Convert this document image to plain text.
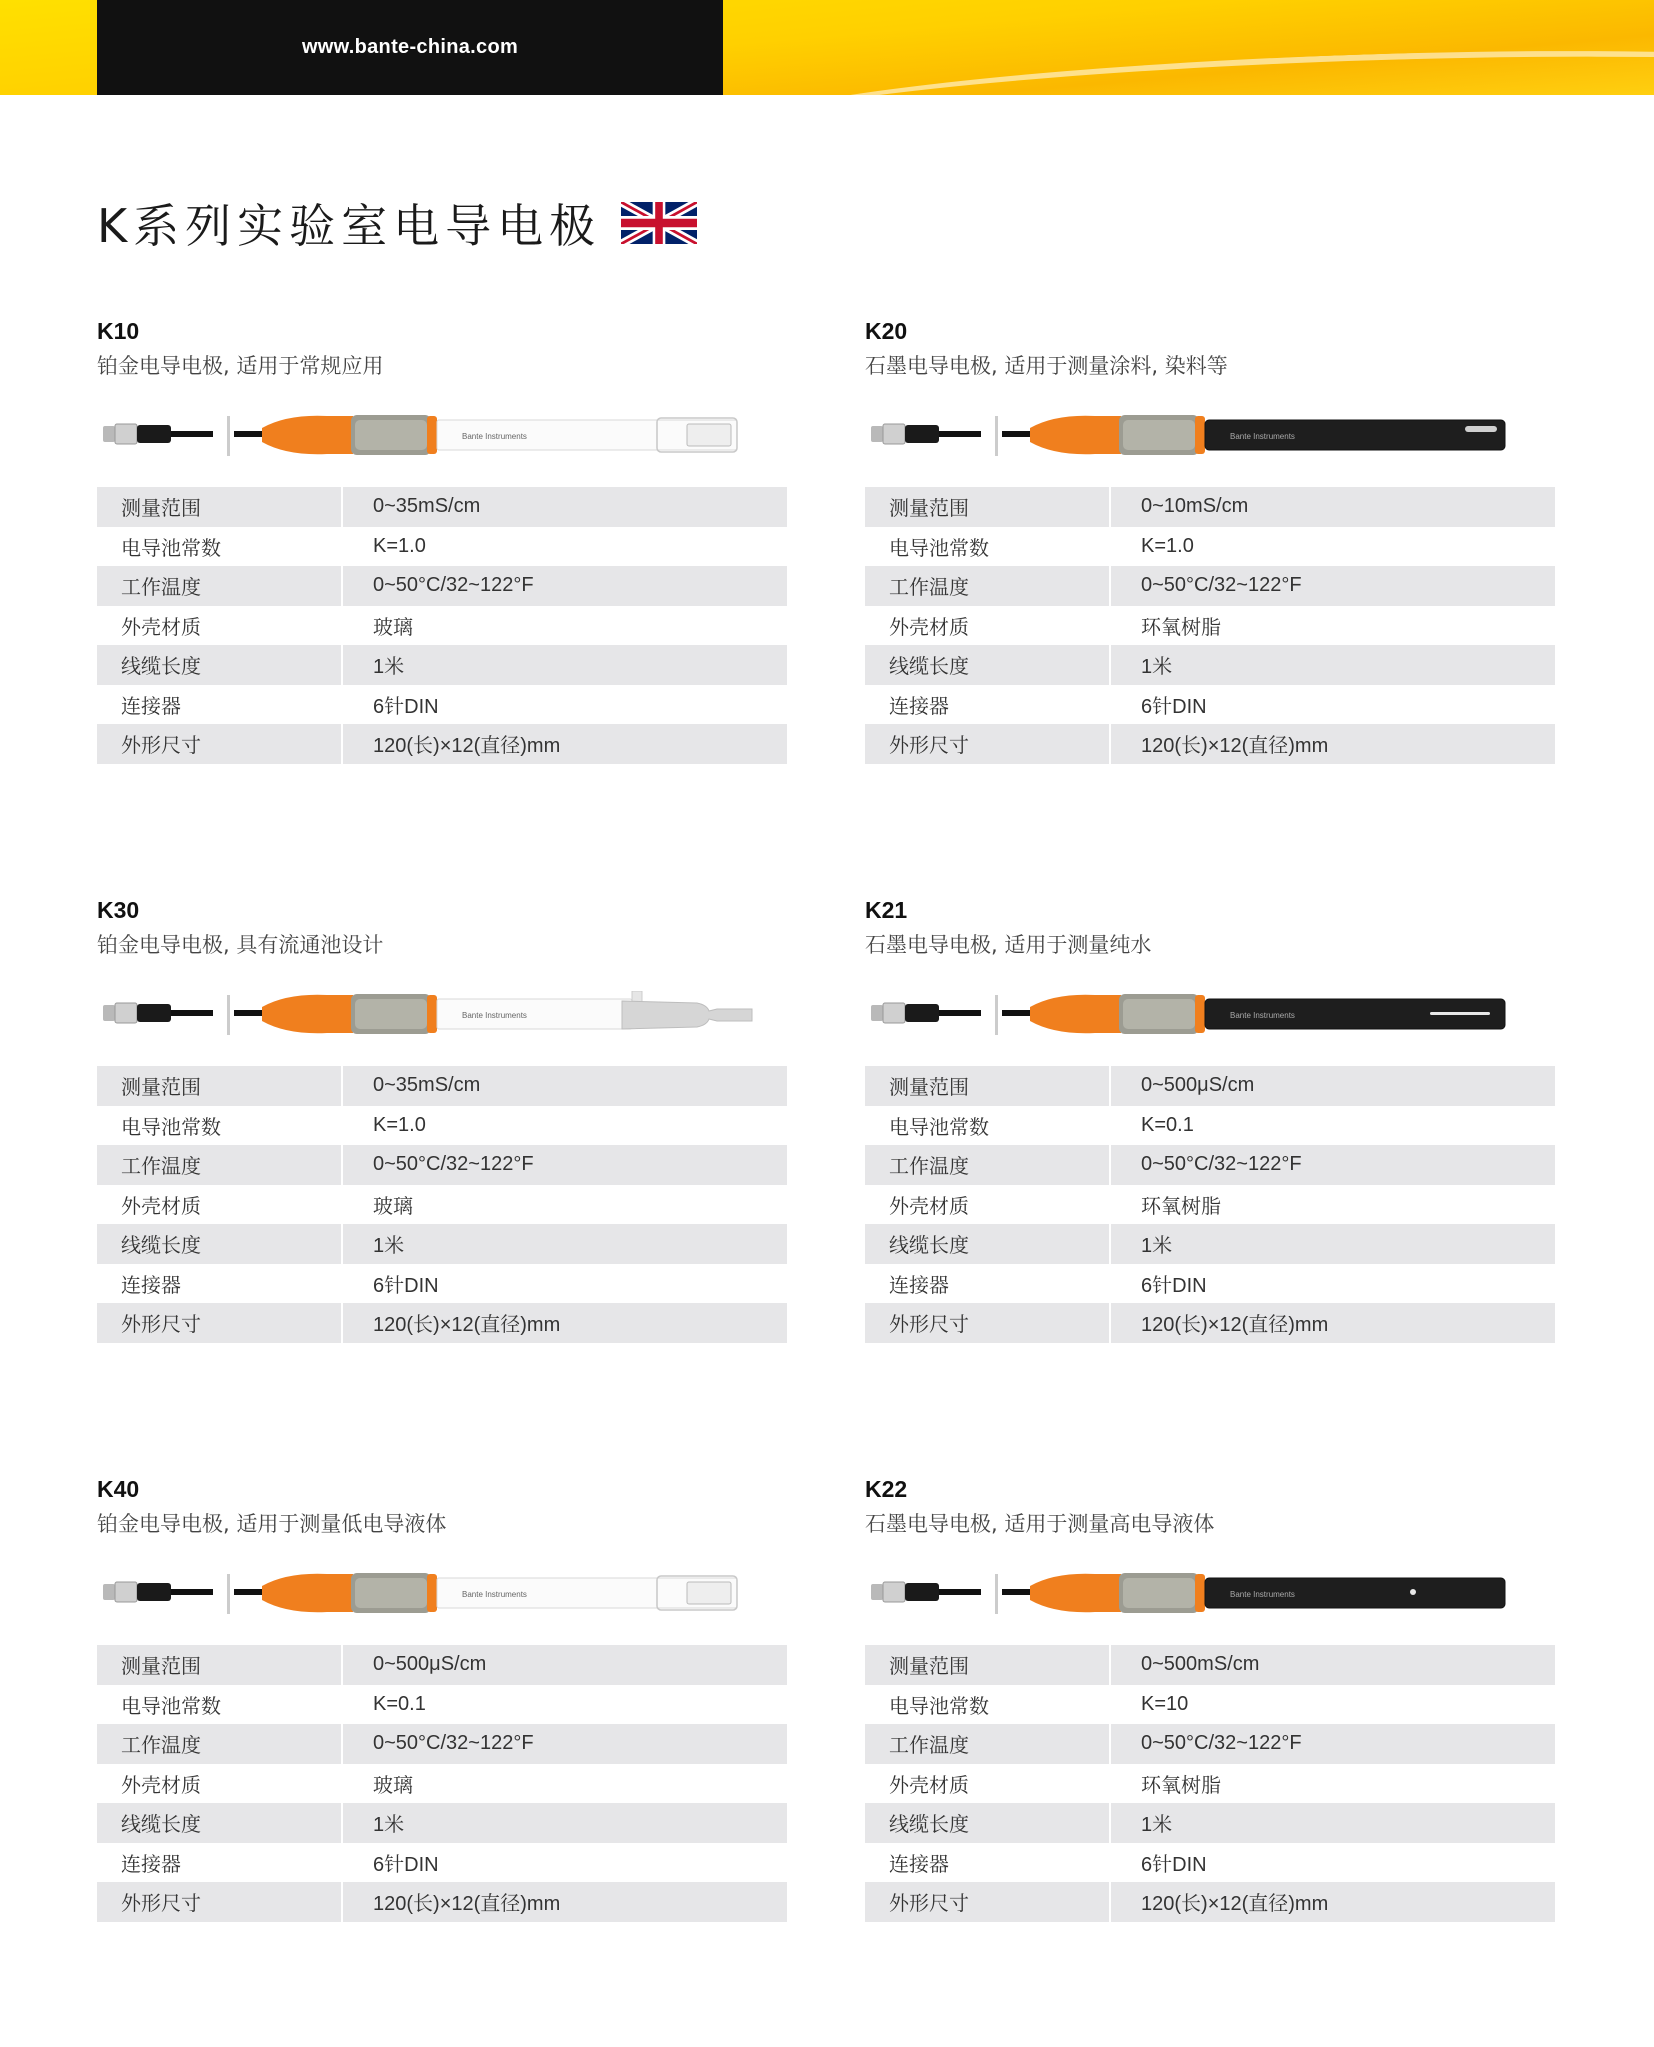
www.bante-china.com
K系列实验室电导电极
K10
铂金电导电极, 适用于常规应用
Bante Instruments
测量范围	0~35mS/cm
电导池常数	K=1.0
工作温度	0~50°C/32~122°F
外壳材质	玻璃
线缆长度	1米
连接器	6针DIN
外形尺寸	120(长)×12(直径)mm
K20
石墨电导电极, 适用于测量涂料, 染料等
Bante Instruments
测量范围	0~10mS/cm
电导池常数	K=1.0
工作温度	0~50°C/32~122°F
外壳材质	环氧树脂
线缆长度	1米
连接器	6针DIN
外形尺寸	120(长)×12(直径)mm
K30
铂金电导电极, 具有流通池设计
Bante Instruments
测量范围	0~35mS/cm
电导池常数	K=1.0
工作温度	0~50°C/32~122°F
外壳材质	玻璃
线缆长度	1米
连接器	6针DIN
外形尺寸	120(长)×12(直径)mm
K21
石墨电导电极, 适用于测量纯水
Bante Instruments
测量范围	0~500μS/cm
电导池常数	K=0.1
工作温度	0~50°C/32~122°F
外壳材质	环氧树脂
线缆长度	1米
连接器	6针DIN
外形尺寸	120(长)×12(直径)mm
K40
铂金电导电极, 适用于测量低电导液体
Bante Instruments
测量范围	0~500μS/cm
电导池常数	K=0.1
工作温度	0~50°C/32~122°F
外壳材质	玻璃
线缆长度	1米
连接器	6针DIN
外形尺寸	120(长)×12(直径)mm
K22
石墨电导电极, 适用于测量高电导液体
Bante Instruments
测量范围	0~500mS/cm
电导池常数	K=10
工作温度	0~50°C/32~122°F
外壳材质	环氧树脂
线缆长度	1米
连接器	6针DIN
外形尺寸	120(长)×12(直径)mm
